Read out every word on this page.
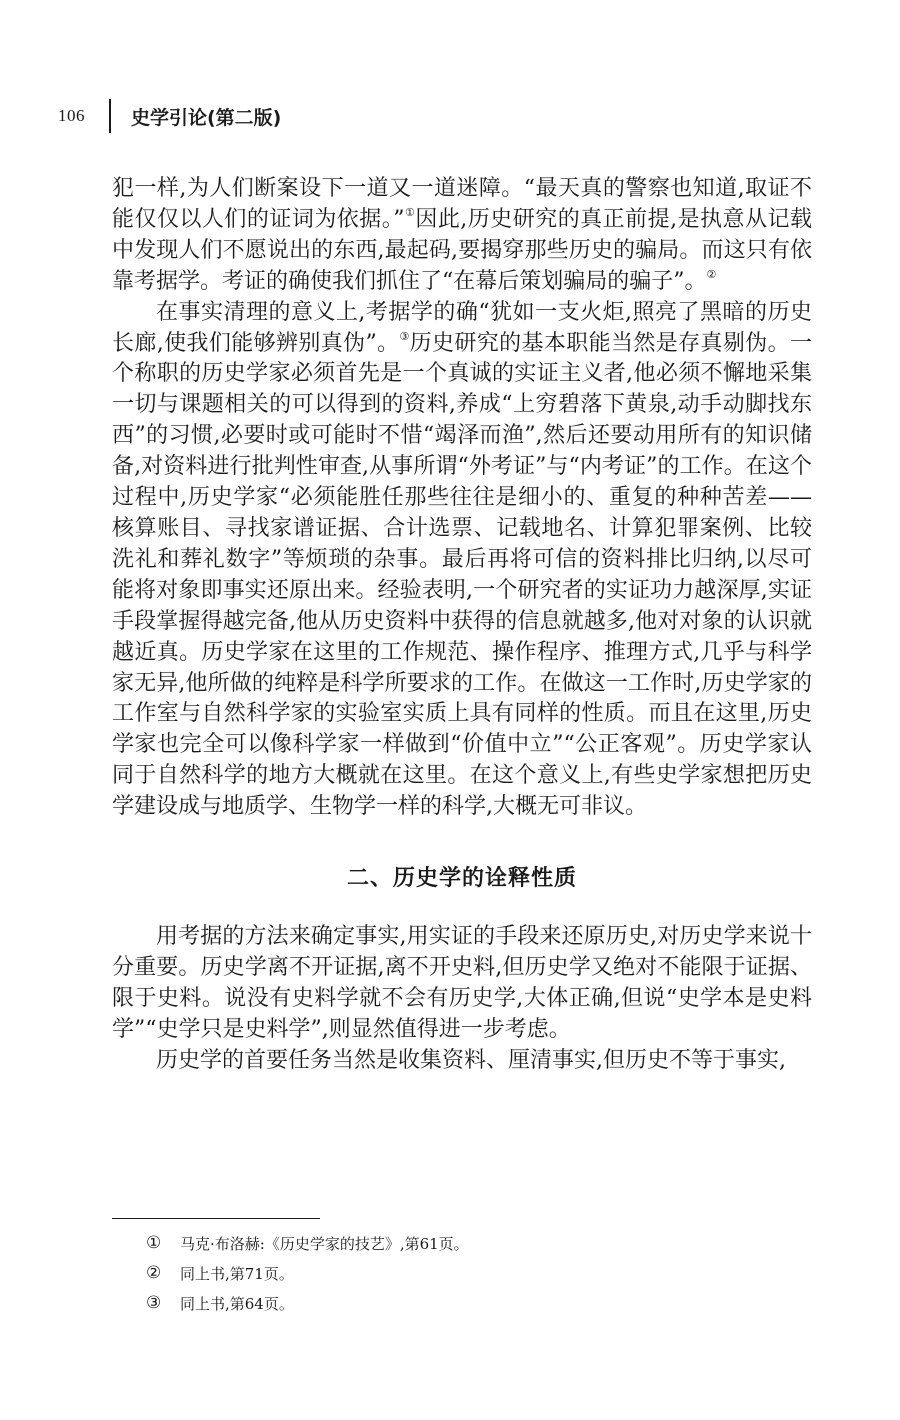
106 史学引论(第二版)

犯一样,为人们断案设下一道又一道迷障。“最天真的警察也知道,取证不能仅仅以人们的证词为依据。”①因此,历史研究的真正前提,是执意从记载中发现人们不愿说出的东西,最起码,要揭穿那些历史的骗局。而这只有依靠考据学。考证的确使我们抓住了“在幕后策划骗局的骗子”。②

在事实清理的意义上,考据学的确“犹如一支火炬,照亮了黑暗的历史长廊,使我们能够辨别真伪”。③历史研究的基本职能当然是存真剔伪。一个称职的历史学家必须首先是一个真诚的实证主义者,他必须不懈地采集一切与课题相关的可以得到的资料,养成“上穷碧落下黄泉,动手动脚找东西”的习惯,必要时或可能时不惜“竭泽而渔”,然后还要动用所有的知识储备,对资料进行批判性审查,从事所谓“外考证”与“内考证”的工作。在这个过程中,历史学家“必须能胜任那些往往是细小的、重复的种种苦差——核算账目、寻找家谱证据、合计选票、记载地名、计算犯罪案例、比较洗礼和葬礼数字”等烦琐的杂事。最后再将可信的资料排比归纳,以尽可能将对象即事实还原出来。经验表明,一个研究者的实证功力越深厚,实证手段掌握得越完备,他从历史资料中获得的信息就越多,他对对象的认识就越近真。历史学家在这里的工作规范、操作程序、推理方式,几乎与科学家无异,他所做的纯粹是科学所要求的工作。在做这一工作时,历史学家的工作室与自然科学家的实验室实质上具有同样的性质。而且在这里,历史学家也完全可以像科学家一样做到“价值中立”“公正客观”。历史学家认同于自然科学的地方大概就在这里。在这个意义上,有些史学家想把历史学建设成与地质学、生物学一样的科学,大概无可非议。

二、历史学的诠释性质

用考据的方法来确定事实,用实证的手段来还原历史,对历史学来说十分重要。历史学离不开证据,离不开史料,但历史学又绝对不能限于证据、限于史料。说没有史料学就不会有历史学,大体正确,但说“史学本是史料学”“史学只是史料学”,则显然值得进一步考虑。

历史学的首要任务当然是收集资料、厘清事实,但历史不等于事实,

①	马克·布洛赫:《历史学家的技艺》,第61页。
②	同上书,第71页。
③	同上书,第64页。
